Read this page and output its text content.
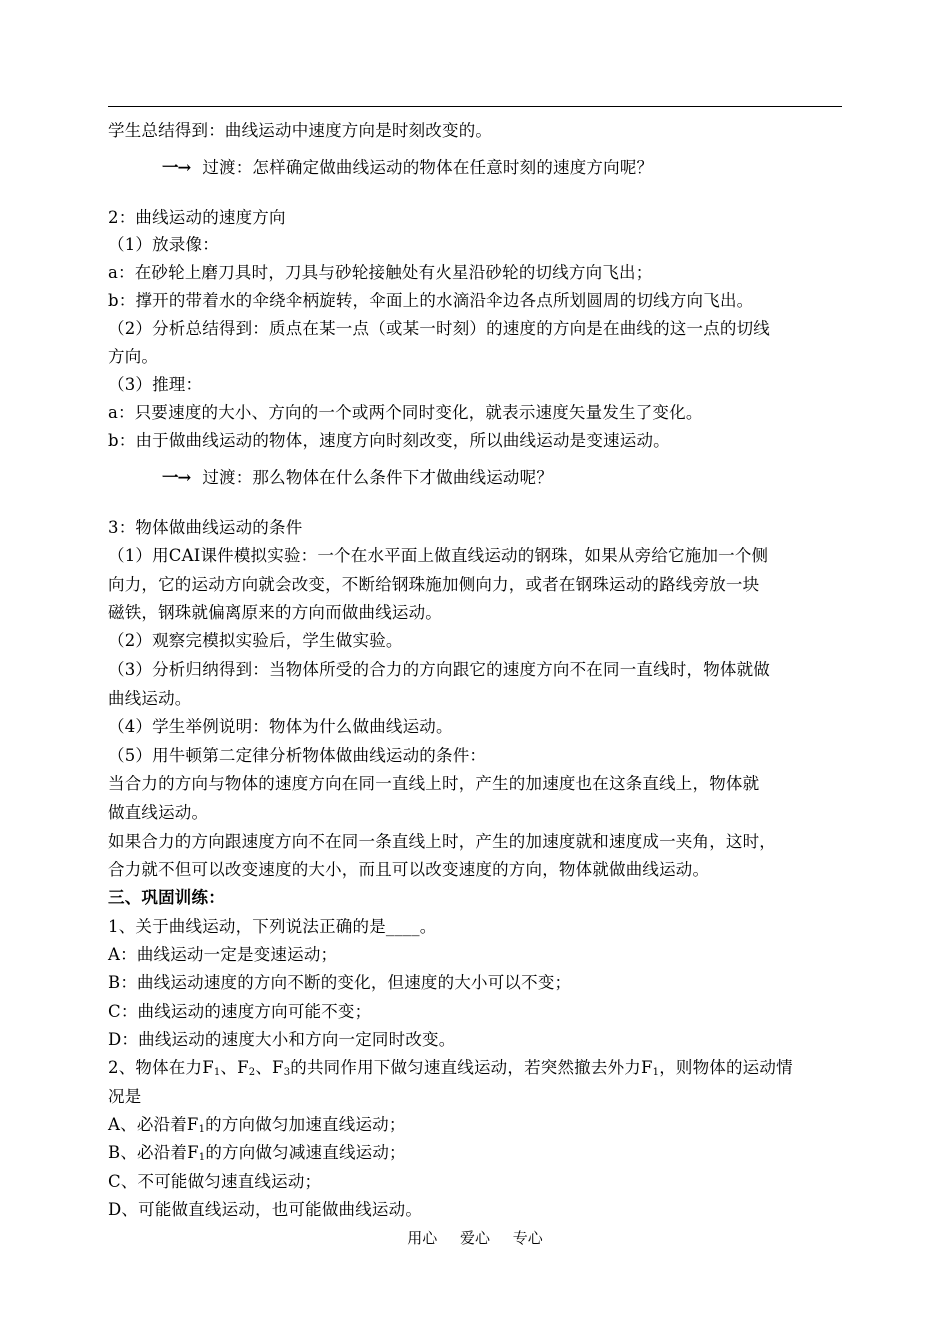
学生总结得到：曲线运动中速度方向是时刻改变的。
一→ 过渡：怎样确定做曲线运动的物体在任意时刻的速度方向呢？
2：曲线运动的速度方向
（1）放录像：
a：在砂轮上磨刀具时，刀具与砂轮接触处有火星沿砂轮的切线方向飞出；
b：撑开的带着水的伞绕伞柄旋转，伞面上的水滴沿伞边各点所划圆周的切线方向飞出。
（2）分析总结得到：质点在某一点（或某一时刻）的速度的方向是在曲线的这一点的切线
方向。
（3）推理：
a：只要速度的大小、方向的一个或两个同时变化，就表示速度矢量发生了变化。
b：由于做曲线运动的物体，速度方向时刻改变，所以曲线运动是变速运动。
一→ 过渡：那么物体在什么条件下才做曲线运动呢？
3：物体做曲线运动的条件
（1）用CAI课件模拟实验：一个在水平面上做直线运动的钢珠，如果从旁给它施加一个侧
向力，它的运动方向就会改变，不断给钢珠施加侧向力，或者在钢珠运动的路线旁放一块
磁铁，钢珠就偏离原来的方向而做曲线运动。
（2）观察完模拟实验后，学生做实验。
（3）分析归纳得到：当物体所受的合力的方向跟它的速度方向不在同一直线时，物体就做
曲线运动。
（4）学生举例说明：物体为什么做曲线运动。
（5）用牛顿第二定律分析物体做曲线运动的条件：
当合力的方向与物体的速度方向在同一直线上时，产生的加速度也在这条直线上，物体就
做直线运动。
如果合力的方向跟速度方向不在同一条直线上时，产生的加速度就和速度成一夹角，这时，
合力就不但可以改变速度的大小，而且可以改变速度的方向，物体就做曲线运动。
三、巩固训练：
1、关于曲线运动，下列说法正确的是____。
A：曲线运动一定是变速运动；
B：曲线运动速度的方向不断的变化，但速度的大小可以不变；
C：曲线运动的速度方向可能不变；
D：曲线运动的速度大小和方向一定同时改变。
2、物体在力$F_1$、$F_2$、$F_3$的共同作用下做匀速直线运动，若突然撤去外力$F_1$，则物体的运动情
况是
A、必沿着$F_1$的方向做匀加速直线运动；
B、必沿着$F_1$的方向做匀减速直线运动；
C、不可能做匀速直线运动；
D、可能做直线运动，也可能做曲线运动。
用心 爱心 专心
